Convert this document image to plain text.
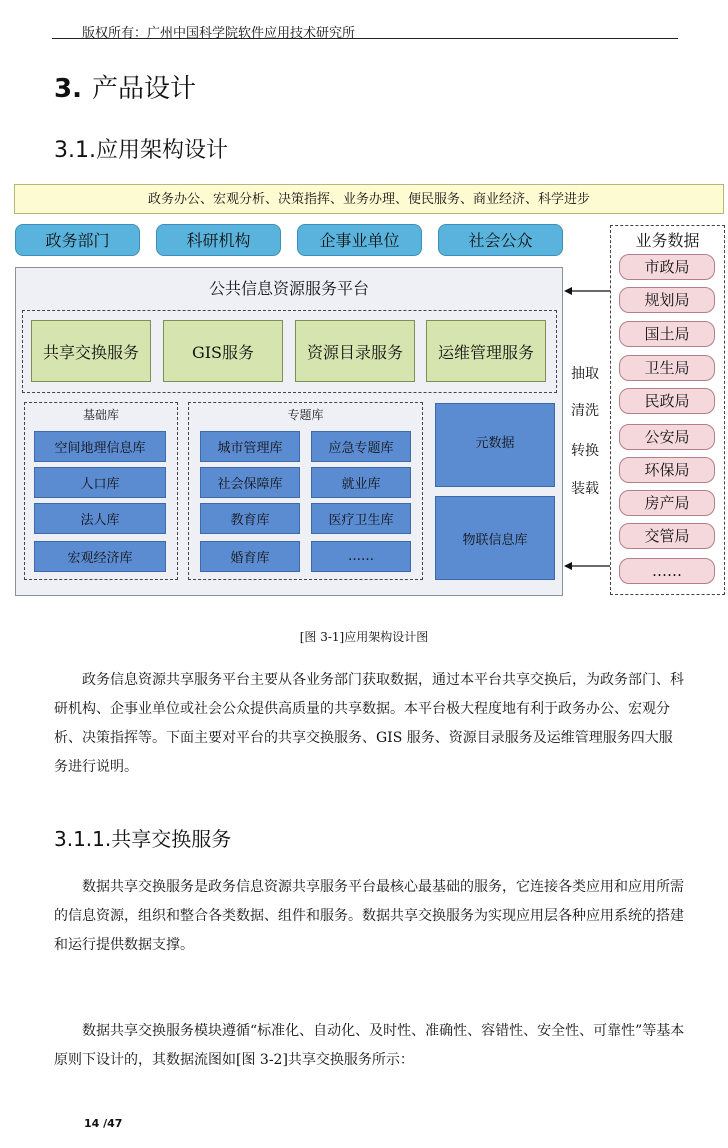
版权所有：广州中国科学院软件应用技术研究所
3. 产品设计
3.1.应用架构设计
政务办公、宏观分析、决策指挥、业务办理、便民服务、商业经济、科学进步
政务部门	科研机构	企事业单位	社会公众
公共信息资源服务平台
共享交换服务	GIS服务	资源目录服务	运维管理服务
基础库
空间地理信息库
人口库
法人库
宏观经济库
专题库
城市管理库	应急专题库
社会保障库	就业库
教育库	医疗卫生库
婚育库	……
元数据
物联信息库
抽取
清洗
转换
装载
业务数据
市政局
规划局
国土局
卫生局
民政局
公安局
环保局
房产局
交管局
……
[图 3-1]应用架构设计图

政务信息资源共享服务平台主要从各业务部门获取数据，通过本平台共享交换后，为政务部门、科研机构、企事业单位或社会公众提供高质量的共享数据。本平台极大程度地有利于政务办公、宏观分析、决策指挥等。下面主要对平台的共享交换服务、GIS 服务、资源目录服务及运维管理服务四大服务进行说明。

3.1.1.共享交换服务

数据共享交换服务是政务信息资源共享服务平台最核心最基础的服务，它连接各类应用和应用所需的信息资源，组织和整合各类数据、组件和服务。数据共享交换服务为实现应用层各种应用系统的搭建和运行提供数据支撑。

数据共享交换服务模块遵循“标准化、自动化、及时性、准确性、容错性、安全性、可靠性”等基本原则下设计的，其数据流图如[图 3-2]共享交换服务所示：

14 /47
